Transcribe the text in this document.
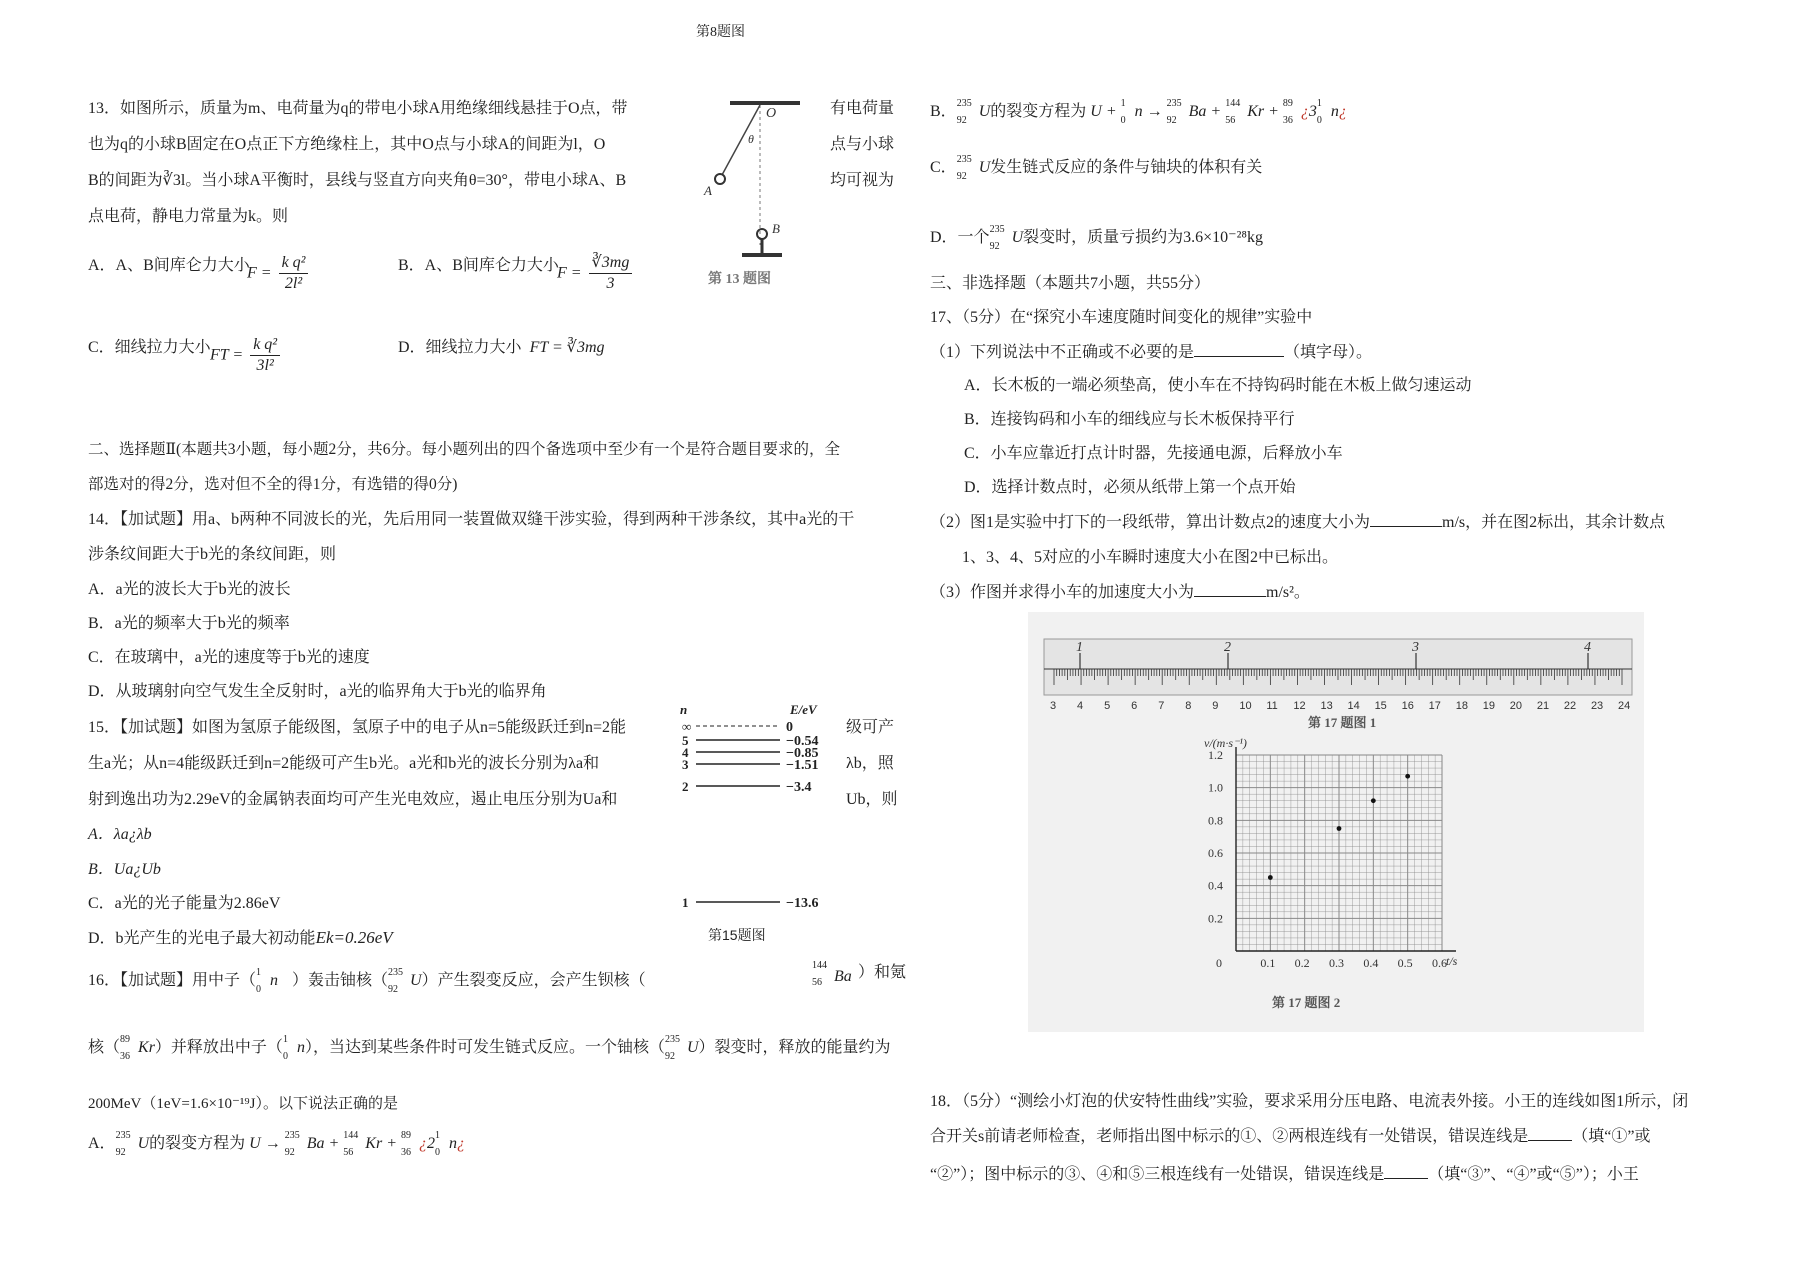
第8题图
13．如图所示，质量为m、电荷量为q的带电小球A用绝缘细线悬挂于O点，带
也为q的小球B固定在O点正下方绝缘柱上，其中O点与小球A的间距为l，O
B的间距为∛3l。当小球A平衡时，县线与竖直方向夹角θ=30°，带电小球A、B
点电荷，静电力常量为k。则
有电荷量
点与小球
均可视为
O
θ
A
B
第 13 题图
A．A、B间库仑力大小
$F = \frac{\text{k q²}}{\text{2l²}}$	B．A、B间库仑力大小
$F = \frac{∛3mg}{3}$
C．细线拉力大小 FT = $\frac{\text{k q²}}{\text{3l²}}$	D．细线拉力大小 FT = ∛3mg
二、选择题Ⅱ(本题共3小题，每小题2分，共6分。每小题列出的四个备选项中至少有一个是符合题目要求的，全
部选对的得2分，选对但不全的得1分，有选错的得0分)
14．【加试题】用a、b两种不同波长的光，先后用同一装置做双缝干涉实验，得到两种干涉条纹，其中a光的干
涉条纹间距大于b光的条纹间距，则
A．a光的波长大于b光的波长
B．a光的频率大于b光的频率
C．在玻璃中，a光的速度等于b光的速度
D．从玻璃射向空气发生全反射时，a光的临界角大于b光的临界角
15．【加试题】如图为氢原子能级图，氢原子中的电子从n=5能级跃迁到n=2能
生a光；从n=4能级跃迁到n=2能级可产生b光。a光和b光的波长分别为λa和
射到逸出功为2.29eV的金属钠表面均可产生光电效应，遏止电压分别为Ua和
级可产
λb，照
Ub，则
A．λa¿λb
B．Ua¿Ub
C．a光的光子能量为2.86eV
D．b光产生的光电子最大初动能Ek=0.26eV
n	E/eV
∞	0
5	−0.54
4	−0.85
3	−1.51
2	−3.4
1	−13.6
第15题图
16．【加试题】用中子（ 1
0
n ）轰击铀核（ 235
92
U）产生裂变反应，会产生钡核（
144
56 Ba ）和氪
核（ 89
36
Kr）并释放出中子（ 1
0
n），当达到某些条件时可发生链式反应。一个铀核（ 235
92
U）裂变时，释放的能量约为
200MeV（1eV=1.6×10⁻¹⁹J）。以下说法正确的是
A． 235
92
U的裂变方程为 U → 235
92
Ba + 144
56
Kr + 89
36
¿2 1
0
n¿
B． 235
92
U的裂变方程为 U + 1
0
n → 235
92
Ba + 144
56
Kr + 89
36
¿3 1
0
n¿
C． 235
92
U发生链式反应的条件与铀块的体积有关
D．一个 235
92
U裂变时，质量亏损约为3.6×10⁻²⁸kg
三、非选择题（本题共7小题，共55分）
17、（5分）在“探究小车速度随时间变化的规律”实验中
（1）下列说法中不正确或不必要的是	（填字母）。
A．长木板的一端必须垫高，使小车在不持钩码时能在木板上做匀速运动
B．连接钩码和小车的细线应与长木板保持平行
C．小车应靠近打点计时器，先接通电源，后释放小车
D．选择计数点时，必须从纸带上第一个点开始
（2）图1是实验中打下的一段纸带，算出计数点2的速度大小为	m/s，并在图2标出，其余计数点
1、3、4、5对应的小车瞬时速度大小在图2中已标出。
（3）作图并求得小车的加速度大小为	m/s²。
3 4 5 6 7 8 9 10 11 12 13 14 15 16 17 18 19 20 21 22 23 24
1	2	3	4
第 17 题图 1
0.1 0.2 0.3 0.4 0.5 0.6
0.2
0.4
0.6
0.8
1.0
1.2
0	t/s
v/(m·s⁻¹)
第 17 题图 2
18．（5分）“测绘小灯泡的伏安特性曲线”实验，要求采用分压电路、电流表外接。小王的连线如图1所示，闭
合开关s前请老师检查，老师指出图中标示的①、②两根连线有一处错误，错误连线是	（填“①”或
“②”）；图中标示的③、④和⑤三根连线有一处错误，错误连线是	（填“③”、“④”或“⑤”）；小王
